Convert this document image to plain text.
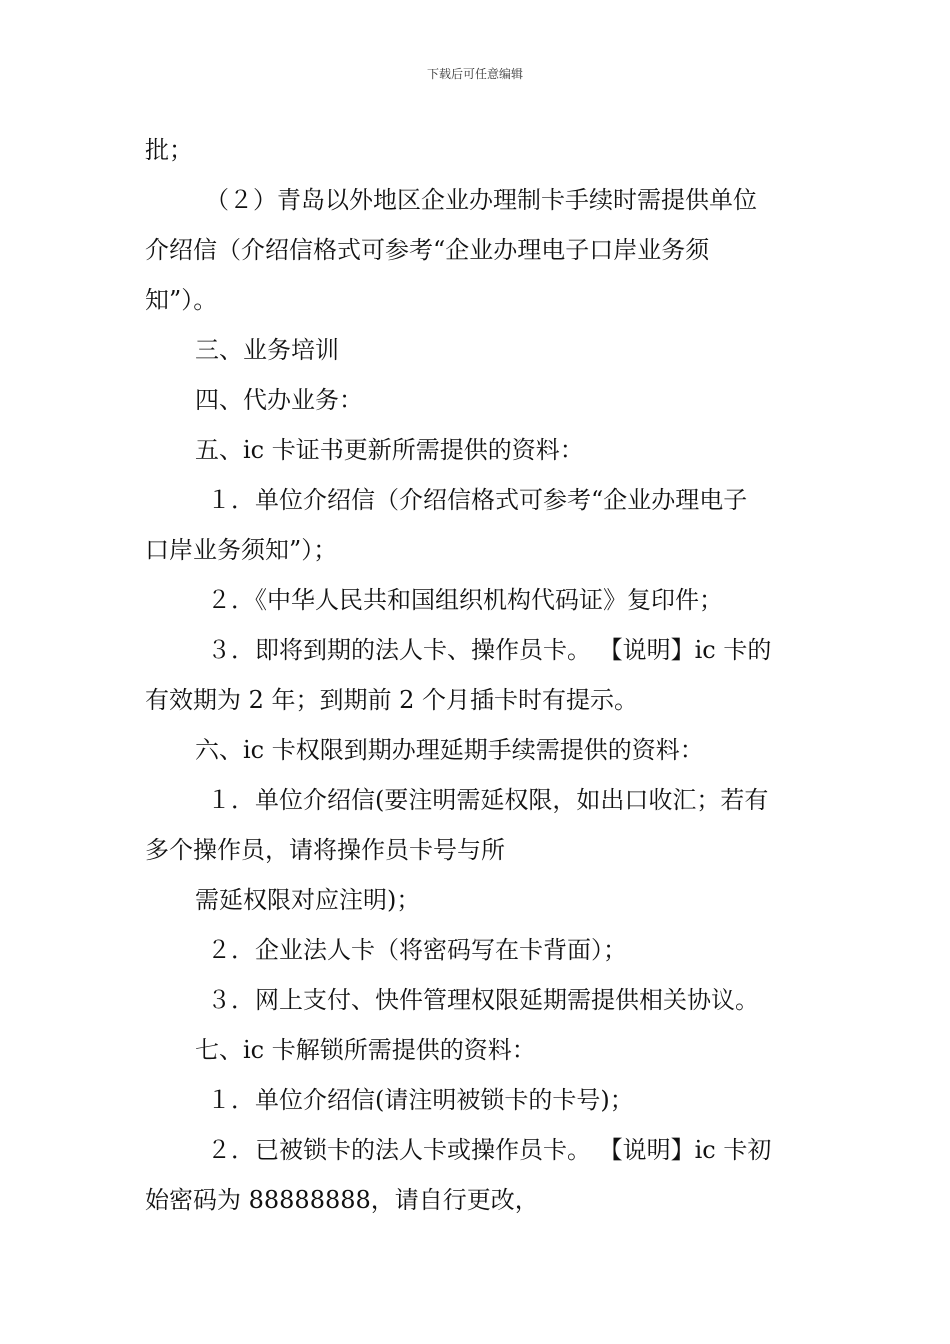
下载后可任意编辑
批；
（２）青岛以外地区企业办理制卡手续时需提供单位
介绍信（介绍信格式可参考“企业办理电子口岸业务须
知”）。
三、业务培训
四、代办业务：
五、ic 卡证书更新所需提供的资料：
１．单位介绍信（介绍信格式可参考“企业办理电子
口岸业务须知”）；
２．《中华人民共和国组织机构代码证》复印件；
３．即将到期的法人卡、操作员卡。 【说明】ic 卡的
有效期为 2 年；到期前 2 个月插卡时有提示。
六、ic 卡权限到期办理延期手续需提供的资料：
１．单位介绍信(要注明需延权限，如出口收汇；若有
多个操作员，请将操作员卡号与所
需延权限对应注明)；
２．企业法人卡（将密码写在卡背面）；
３．网上支付、快件管理权限延期需提供相关协议。
七、ic 卡解锁所需提供的资料：
１．单位介绍信(请注明被锁卡的卡号)；
２．已被锁卡的法人卡或操作员卡。 【说明】ic 卡初
始密码为 88888888，请自行更改，
